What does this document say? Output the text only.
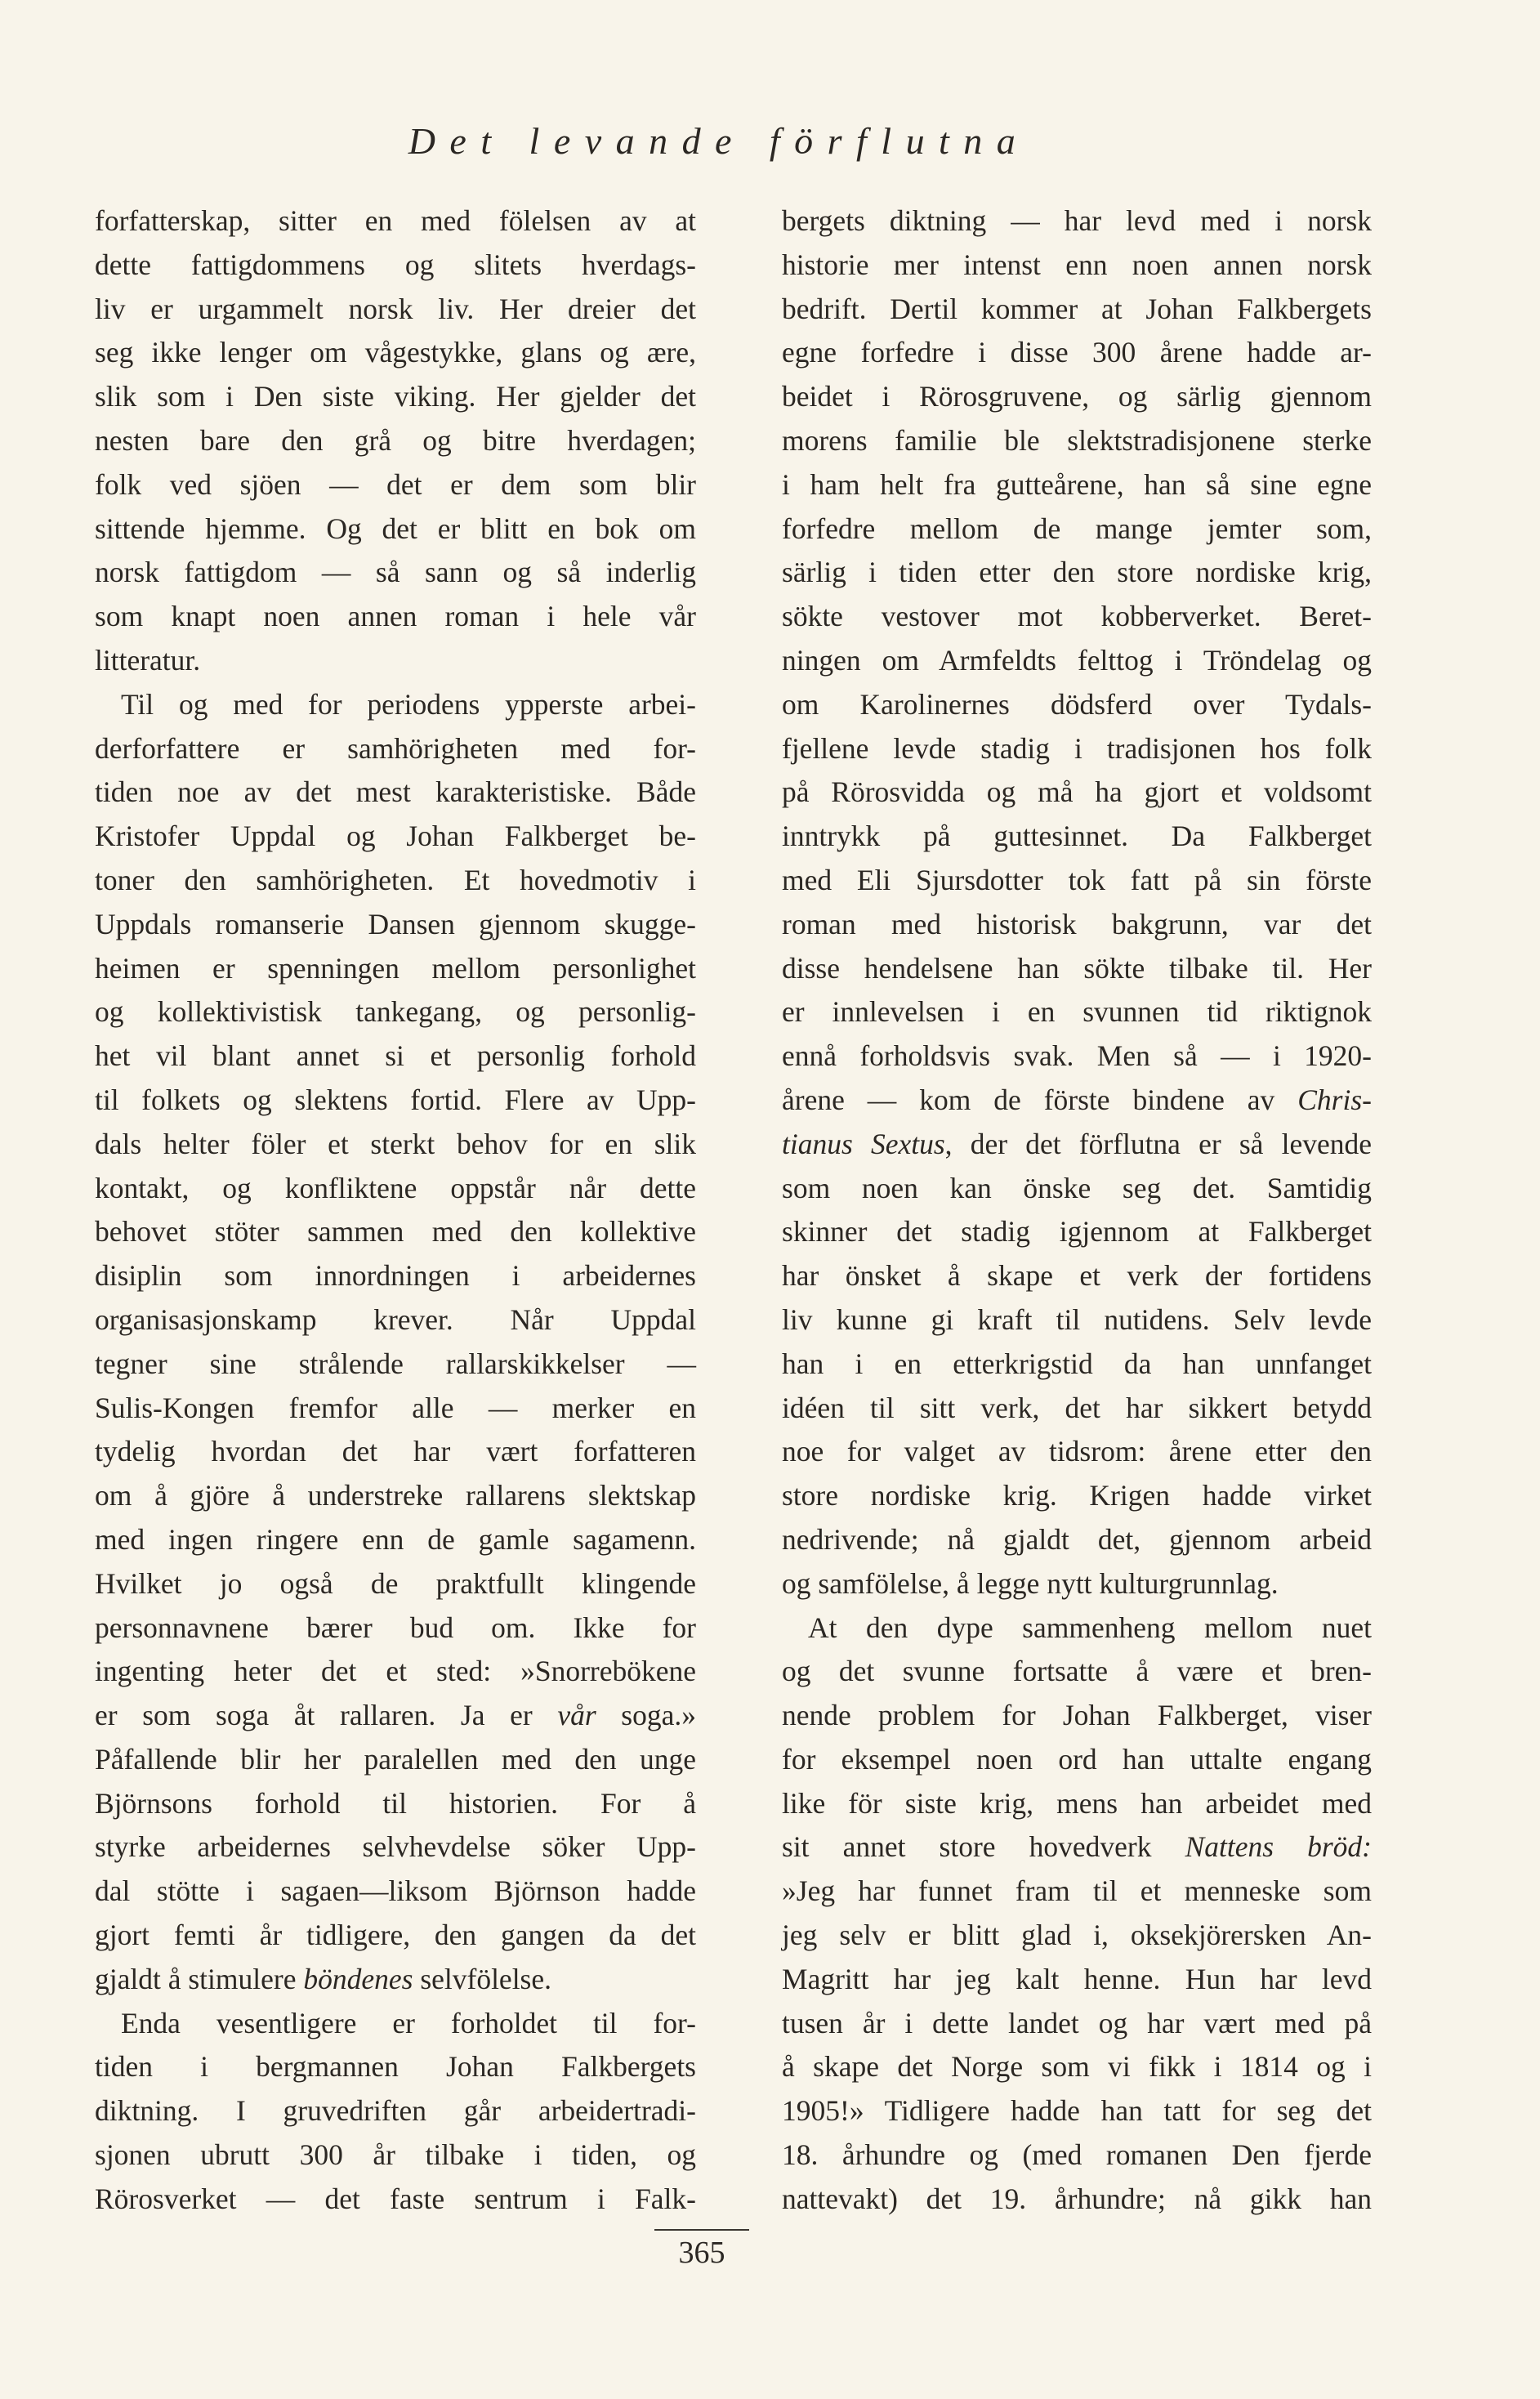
Det levande förflutna
forfatterskap, sitter en med fölelsen av at
dette fattigdommens og slitets hverdags-
liv er urgammelt norsk liv. Her dreier det
seg ikke lenger om vågestykke, glans og ære,
slik som i Den siste viking. Her gjelder det
nesten bare den grå og bitre hverdagen;
folk ved sjöen — det er dem som blir
sittende hjemme. Og det er blitt en bok om
norsk fattigdom — så sann og så inderlig
som knapt noen annen roman i hele vår
litteratur.
Til og med for periodens ypperste arbei-
derforfattere er samhörigheten med for-
tiden noe av det mest karakteristiske. Både
Kristofer Uppdal og Johan Falkberget be-
toner den samhörigheten. Et hovedmotiv i
Uppdals romanserie Dansen gjennom skugge-
heimen er spenningen mellom personlighet
og kollektivistisk tankegang, og personlig-
het vil blant annet si et personlig forhold
til folkets og slektens fortid. Flere av Upp-
dals helter föler et sterkt behov for en slik
kontakt, og konfliktene oppstår når dette
behovet stöter sammen med den kollektive
disiplin som innordningen i arbeidernes
organisasjonskamp krever. Når Uppdal
tegner sine strålende rallarskikkelser —
Sulis-Kongen fremfor alle — merker en
tydelig hvordan det har vært forfatteren
om å gjöre å understreke rallarens slektskap
med ingen ringere enn de gamle sagamenn.
Hvilket jo også de praktfullt klingende
personnavnene bærer bud om. Ikke for
ingenting heter det et sted: »Snorrebökene
er som soga åt rallaren. Ja er vår soga.»
Påfallende blir her paralellen med den unge
Björnsons forhold til historien. For å
styrke arbeidernes selvhevdelse söker Upp-
dal stötte i sagaen—liksom Björnson hadde
gjort femti år tidligere, den gangen da det
gjaldt å stimulere böndenes selvfölelse.
Enda vesentligere er forholdet til for-
tiden i bergmannen Johan Falkbergets
diktning. I gruvedriften går arbeidertradi-
sjonen ubrutt 300 år tilbake i tiden, og
Rörosverket — det faste sentrum i Falk-
bergets diktning — har levd med i norsk
historie mer intenst enn noen annen norsk
bedrift. Dertil kommer at Johan Falkbergets
egne forfedre i disse 300 årene hadde ar-
beidet i Rörosgruvene, og särlig gjennom
morens familie ble slektstradisjonene sterke
i ham helt fra gutteårene, han så sine egne
forfedre mellom de mange jemter som,
särlig i tiden etter den store nordiske krig,
sökte vestover mot kobberverket. Beret-
ningen om Armfeldts felttog i Tröndelag og
om Karolinernes dödsferd over Tydals-
fjellene levde stadig i tradisjonen hos folk
på Rörosvidda og må ha gjort et voldsomt
inntrykk på guttesinnet. Da Falkberget
med Eli Sjursdotter tok fatt på sin förste
roman med historisk bakgrunn, var det
disse hendelsene han sökte tilbake til. Her
er innlevelsen i en svunnen tid riktignok
ennå forholdsvis svak. Men så — i 1920-
årene — kom de förste bindene av Chris-
tianus Sextus, der det förflutna er så levende
som noen kan önske seg det. Samtidig
skinner det stadig igjennom at Falkberget
har önsket å skape et verk der fortidens
liv kunne gi kraft til nutidens. Selv levde
han i en etterkrigstid da han unnfanget
idéen til sitt verk, det har sikkert betydd
noe for valget av tidsrom: årene etter den
store nordiske krig. Krigen hadde virket
nedrivende; nå gjaldt det, gjennom arbeid
og samfölelse, å legge nytt kulturgrunnlag.
At den dype sammenheng mellom nuet
og det svunne fortsatte å være et bren-
nende problem for Johan Falkberget, viser
for eksempel noen ord han uttalte engang
like för siste krig, mens han arbeidet med
sit annet store hovedverk Nattens bröd:
»Jeg har funnet fram til et menneske som
jeg selv er blitt glad i, oksekjörersken An-
Magritt har jeg kalt henne. Hun har levd
tusen år i dette landet og har vært med på
å skape det Norge som vi fikk i 1814 og i
1905!» Tidligere hadde han tatt for seg det
18. århundre og (med romanen Den fjerde
nattevakt) det 19. århundre; nå gikk han
365
